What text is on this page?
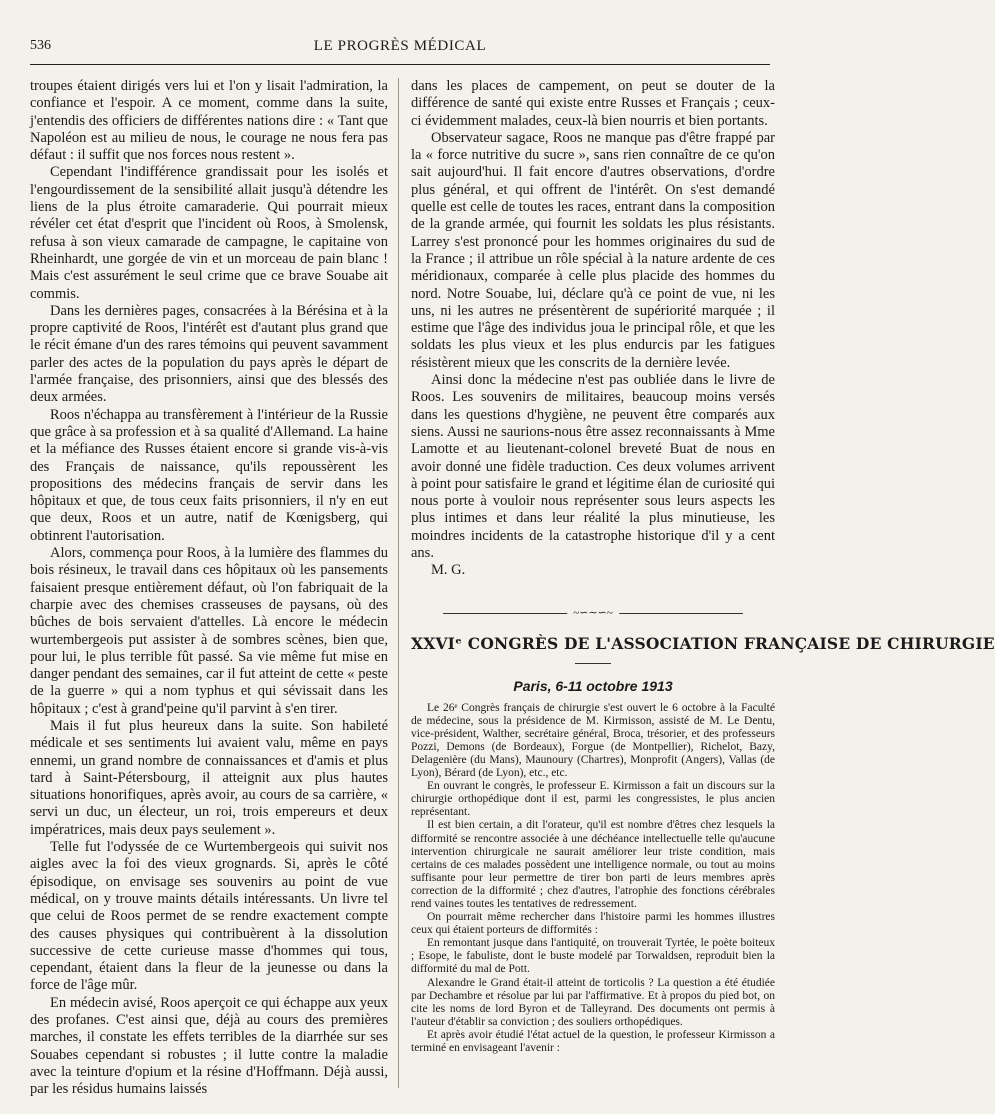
536	LE PROGRÈS MÉDICAL

troupes étaient dirigés vers lui et l'on y lisait l'admiration, la confiance et l'espoir. A ce moment, comme dans la suite, j'entendis des officiers de différentes nations dire : « Tant que Napoléon est au milieu de nous, le courage ne nous fera pas défaut : il suffit que nos forces nous restent ».

Cependant l'indifférence grandissait pour les isolés et l'engourdissement de la sensibilité allait jusqu'à détendre les liens de la plus étroite camaraderie. Qui pourrait mieux révéler cet état d'esprit que l'incident où Roos, à Smolensk, refusa à son vieux camarade de campagne, le capitaine von Rheinhardt, une gorgée de vin et un morceau de pain blanc ! Mais c'est assurément le seul crime que ce brave Souabe ait commis.

Dans les dernières pages, consacrées à la Bérésina et à la propre captivité de Roos, l'intérêt est d'autant plus grand que le récit émane d'un des rares témoins qui peuvent savamment parler des actes de la population du pays après le départ de l'armée française, des prisonniers, ainsi que des blessés des deux armées.

Roos n'échappa au transfèrement à l'intérieur de la Russie que grâce à sa profession et à sa qualité d'Allemand. La haine et la méfiance des Russes étaient encore si grande vis-à-vis des Français de naissance, qu'ils repoussèrent les propositions des médecins français de servir dans les hôpitaux et que, de tous ceux faits prisonniers, il n'y en eut que deux, Roos et un autre, natif de Kœnigsberg, qui obtinrent l'autorisation.

Alors, commença pour Roos, à la lumière des flammes du bois résineux, le travail dans ces hôpitaux où les pansements faisaient presque entièrement défaut, où l'on fabriquait de la charpie avec des chemises crasseuses de paysans, où des bûches de bois servaient d'attelles. Là encore le médecin wurtembergeois put assister à de sombres scènes, bien que, pour lui, le plus terrible fût passé. Sa vie même fut mise en danger pendant des semaines, car il fut atteint de cette « peste de la guerre » qui a nom typhus et qui sévissait dans les hôpitaux ; c'est à grand'peine qu'il parvint à s'en tirer.

Mais il fut plus heureux dans la suite. Son habileté médicale et ses sentiments lui avaient valu, même en pays ennemi, un grand nombre de connaissances et d'amis et plus tard à Saint-Pétersbourg, il atteignit aux plus hautes situations honorifiques, après avoir, au cours de sa carrière, « servi un duc, un électeur, un roi, trois empereurs et deux impératrices, mais deux pays seulement ».

Telle fut l'odyssée de ce Wurtembergeois qui suivit nos aigles avec la foi des vieux grognards. Si, après le côté épisodique, on envisage ses souvenirs au point de vue médical, on y trouve maints détails intéressants. Un livre tel que celui de Roos permet de se rendre exactement compte des causes physiques qui contribuèrent à la dissolution successive de cette curieuse masse d'hommes qui tous, cependant, étaient dans la fleur de la jeunesse ou dans la force de l'âge mûr.

En médecin avisé, Roos aperçoit ce qui échappe aux yeux des profanes. C'est ainsi que, déjà au cours des premières marches, il constate les effets terribles de la diarrhée sur ses Souabes cependant si robustes ; il lutte contre la maladie avec la teinture d'opium et la résine d'Hoffmann. Déjà aussi, par les résidus humains laissés

dans les places de campement, on peut se douter de la différence de santé qui existe entre Russes et Français ; ceux-ci évidemment malades, ceux-là bien nourris et bien portants.

Observateur sagace, Roos ne manque pas d'être frappé par la « force nutritive du sucre », sans rien connaître de ce qu'on sait aujourd'hui. Il fait encore d'autres observations, d'ordre plus général, et qui offrent de l'intérêt. On s'est demandé quelle est celle de toutes les races, entrant dans la composition de la grande armée, qui fournit les soldats les plus résistants. Larrey s'est prononcé pour les hommes originaires du sud de la France ; il attribue un rôle spécial à la nature ardente de ces méridionaux, comparée à celle plus placide des hommes du nord. Notre Souabe, lui, déclare qu'à ce point de vue, ni les uns, ni les autres ne présentèrent de supériorité marquée ; il estime que l'âge des individus joua le principal rôle, et que les soldats les plus vieux et les plus endurcis par les fatigues résistèrent mieux que les conscrits de la dernière levée.

Ainsi donc la médecine n'est pas oubliée dans le livre de Roos. Les souvenirs de militaires, beaucoup moins versés dans les questions d'hygiène, ne peuvent être comparés aux siens. Aussi ne saurions-nous être assez reconnaissants à Mme Lamotte et au lieutenant-colonel breveté Buat de nous en avoir donné une fidèle traduction. Ces deux volumes arrivent à point pour satisfaire le grand et légitime élan de curiosité qui nous porte à vouloir nous représenter sous leurs aspects les plus intimes et dans leur réalité la plus minutieuse, les moindres incidents de la catastrophe historique d'il y a cent ans.

M. G.

~∽∼∽~
XXVIᵉ CONGRÈS DE L'ASSOCIATION FRANÇAISE DE CHIRURGIE
Paris, 6-11 octobre 1913

Le 26ᵉ Congrès français de chirurgie s'est ouvert le 6 octobre à la Faculté de médecine, sous la présidence de M. Kirmisson, assisté de M. Le Dentu, vice-président, Walther, secrétaire général, Broca, trésorier, et des professeurs Pozzi, Demons (de Bordeaux), Forgue (de Montpellier), Richelot, Bazy, Delagenière (du Mans), Maunoury (Chartres), Monprofit (Angers), Vallas (de Lyon), Bérard (de Lyon), etc., etc.

En ouvrant le congrès, le professeur E. Kirmisson a fait un discours sur la chirurgie orthopédique dont il est, parmi les congressistes, le plus ancien représentant.

Il est bien certain, a dit l'orateur, qu'il est nombre d'êtres chez lesquels la difformité se rencontre associée à une déchéance intellectuelle telle qu'aucune intervention chirurgicale ne saurait améliorer leur triste condition, mais certains de ces malades possèdent une intelligence normale, ou tout au moins suffisante pour leur permettre de tirer bon parti de leurs membres après correction de la difformité ; chez d'autres, l'atrophie des fonctions cérébrales rend vaines toutes les tentatives de redressement.

On pourrait même rechercher dans l'histoire parmi les hommes illustres ceux qui étaient porteurs de difformités :

En remontant jusque dans l'antiquité, on trouverait Tyrtée, le poète boiteux ; Esope, le fabuliste, dont le buste modelé par Torwaldsen, reproduit bien la difformité du mal de Pott.

Alexandre le Grand était-il atteint de torticolis ? La question a été étudiée par Dechambre et résolue par lui par l'affirmative. Et à propos du pied bot, on cite les noms de lord Byron et de Talleyrand. Des documents ont permis à l'auteur d'établir sa conviction ; des souliers orthopédiques.

Et après avoir étudié l'état actuel de la question, le professeur Kirmisson a terminé en envisageant l'avenir :
